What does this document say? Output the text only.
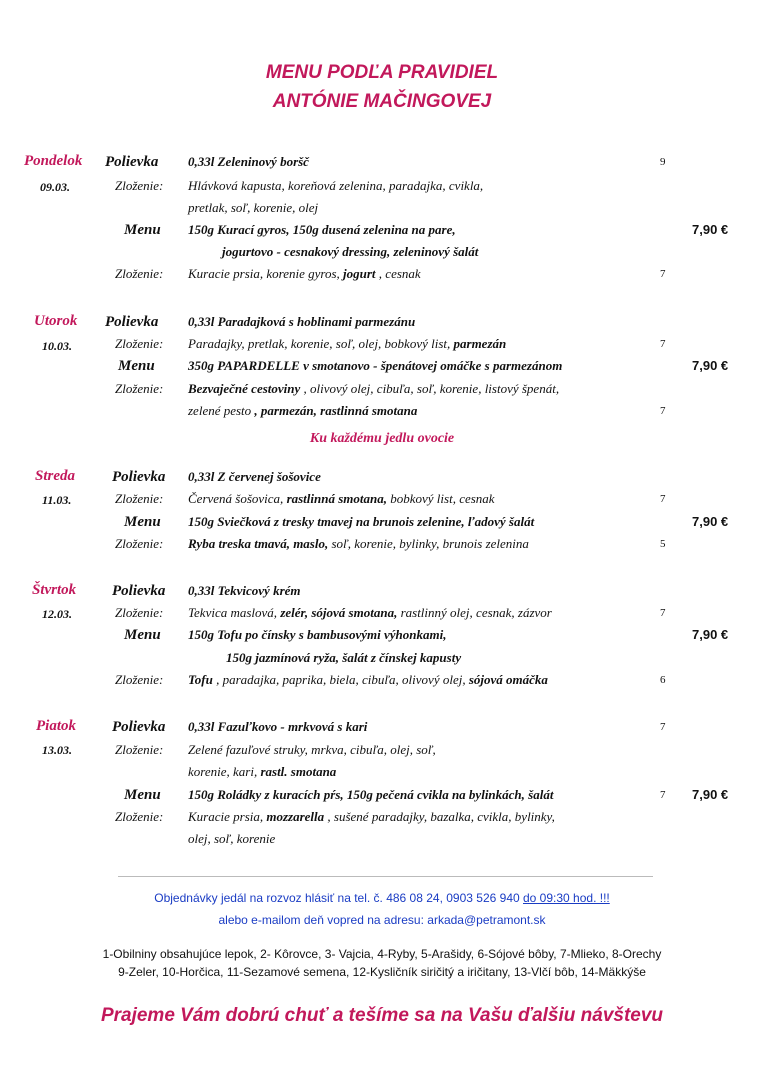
MENU PODĽA PRAVIDIEL
ANTÓNIE MAČINGOVEJ
Pondelok
09.03.
Polievka 0,33l Zeleninový boršč	9
Zloženie: Hlávková kapusta, koreňová zelenina, paradajka, cvikla,
pretlak, soľ, korenie, olej
Menu 150g Kurací gyros, 150g dusená zelenina na pare,	7,90 €
jogurtovo - cesnakový dressing, zeleninový šalát
Zloženie: Kuracie prsia, korenie gyros, jogurt , cesnak	7
Utorok
10.03.
Polievka 0,33l Paradajková s hoblinami parmezánu
Zloženie: Paradajky, pretlak, korenie, soľ, olej, bobkový list, parmezán	7
Menu	350g PAPARDELLE v smotanovo - špenátovej omáčke s parmezánom	7,90 €
Zloženie: Bezvaječné cestoviny , olivový olej, cibuľa, soľ, korenie, listový špenát,
zelené pesto , parmezán, rastlinná smotana	7
Ku každému jedlu ovocie
Streda
11.03.
Polievka 0,33l Z červenej šošovice
Zloženie: Červená šošovica, rastlinná smotana, bobkový list, cesnak	7
Menu 150g Sviečková z tresky tmavej na brunois zelenine, ľadový šalát	7,90 €
Zloženie: Ryba treska tmavá, maslo, soľ, korenie, bylinky, brunois zelenina	5
Štvrtok
12.03.
Polievka 0,33l Tekvicový krém
Zloženie: Tekvica maslová, zelér, sójová smotana, rastlinný olej, cesnak, zázvor	7
Menu 150g Tofu po čínsky s bambusovými výhonkami,	7,90 €
150g jazmínová ryža, šalát z čínskej kapusty
Zloženie: Tofu , paradajka, paprika, biela, cibuľa, olivový olej, sójová omáčka	6
Piatok
13.03.
Polievka 0,33l Fazuľkovo - mrkvová s kari	7
Zloženie: Zelené fazuľové struky, mrkva, cibuľa, olej, soľ,
korenie, kari, rastl. smotana
Menu 150g Roládky z kuracích pŕs, 150g pečená cvikla na bylinkách, šalát	7 7,90 €
Zloženie: Kuracie prsia, mozzarella , sušené paradajky, bazalka, cvikla, bylinky,
olej, soľ, korenie
Objednávky jedál na rozvoz hlásiť na tel. č. 486 08 24, 0903 526 940 do 09:30 hod. !!!
alebo e-mailom deň vopred na adresu: arkada@petramont.sk
1-Obilniny obsahujúce lepok, 2- Kôrovce, 3- Vajcia, 4-Ryby, 5-Arašidy, 6-Sójové bôby, 7-Mlieko, 8-Orechy
9-Zeler, 10-Horčica, 11-Sezamové semena, 12-Kysličník siričitý a iričitany, 13-Vlčí bôb, 14-Mäkkýše
Prajeme Vám dobrú chuť a tešíme sa na Vašu ďalšiu návštevu
